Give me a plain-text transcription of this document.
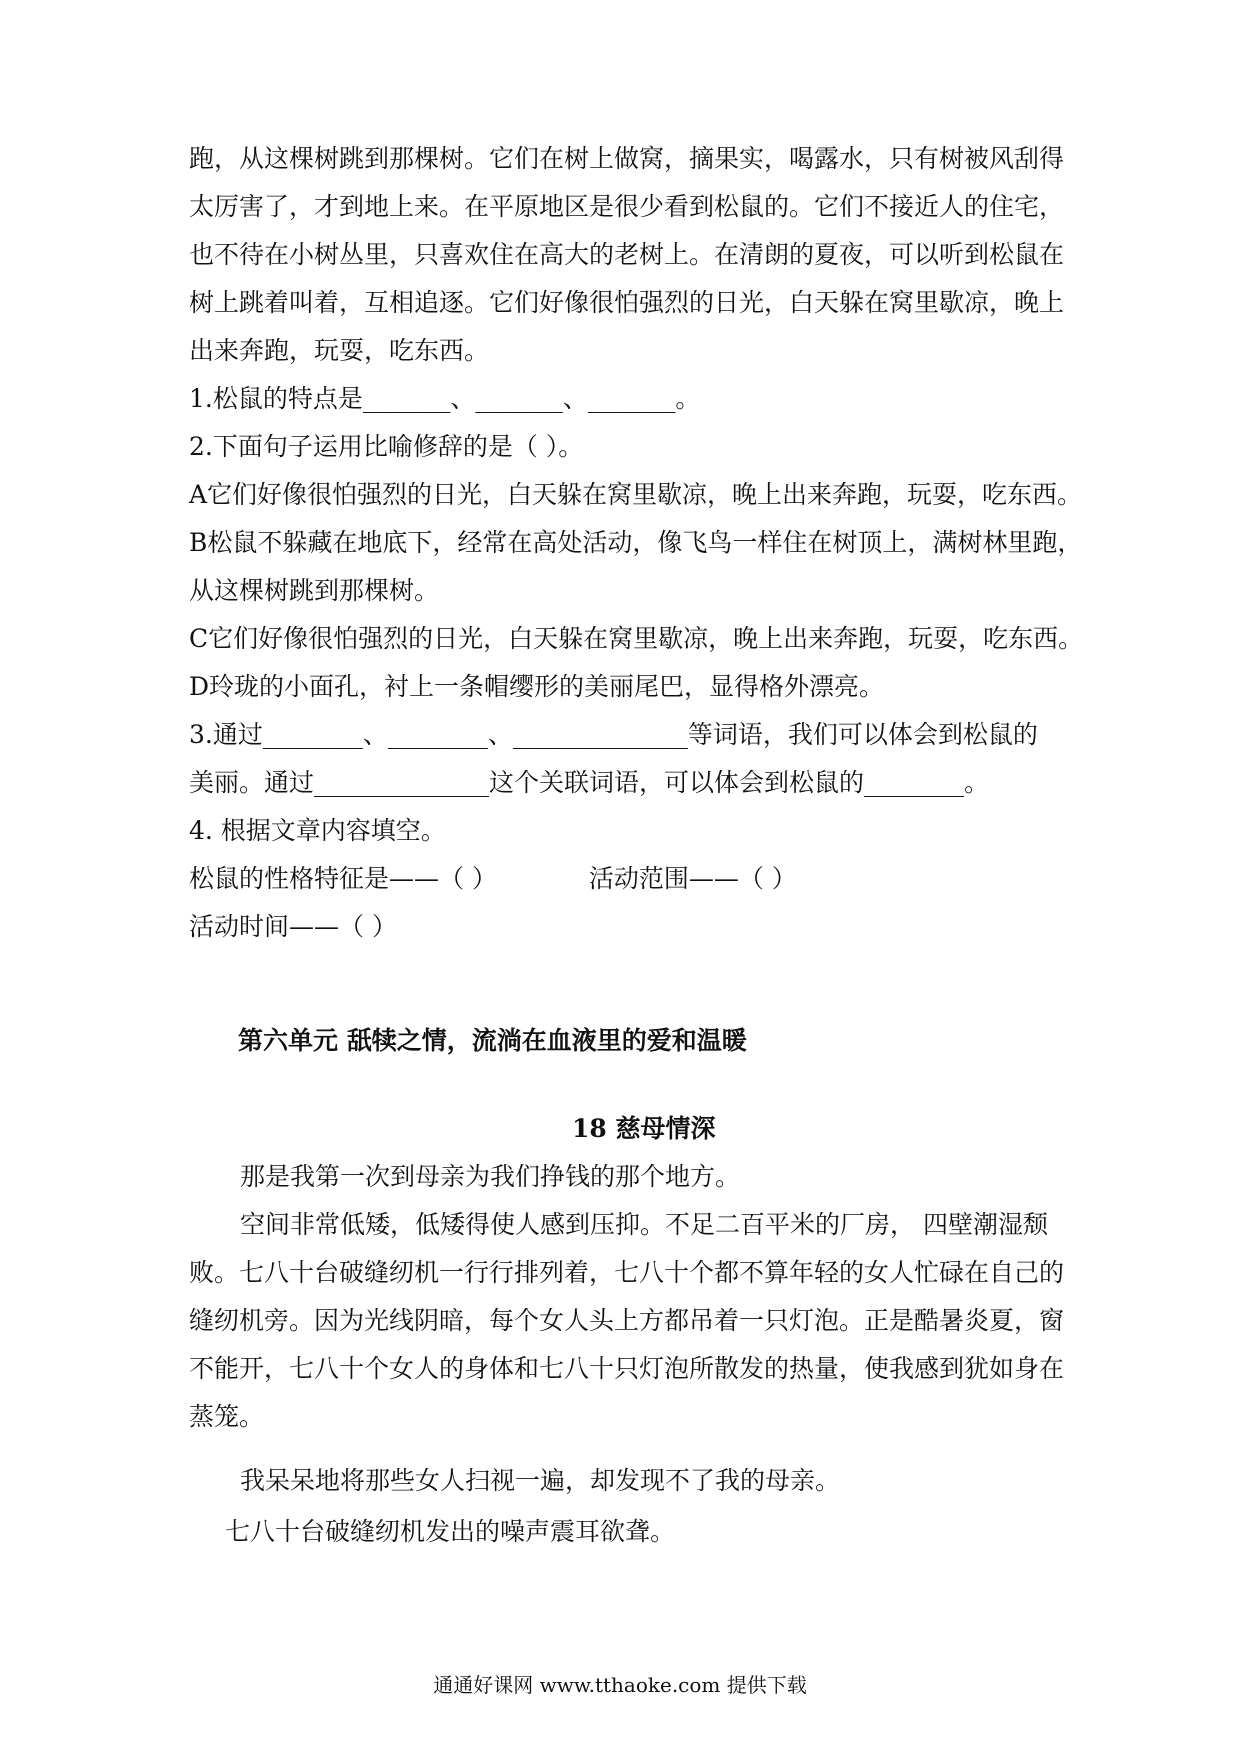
跑，从这棵树跳到那棵树。它们在树上做窝，摘果实，喝露水，只有树被风刮得
太厉害了，才到地上来。在平原地区是很少看到松鼠的。它们不接近人的住宅，
也不待在小树丛里，只喜欢住在高大的老树上。在清朗的夏夜，可以听到松鼠在
树上跳着叫着，互相追逐。它们好像很怕强烈的日光，白天躲在窝里歇凉，晚上
出来奔跑，玩耍，吃东西。
1.松鼠的特点是_______、_______、_______。
2.下面句子运用比喻修辞的是（ ）。
A它们好像很怕强烈的日光，白天躲在窝里歇凉，晚上出来奔跑，玩耍，吃东西。
B松鼠不躲藏在地底下，经常在高处活动，像飞鸟一样住在树顶上，满树林里跑，
从这棵树跳到那棵树。
C它们好像很怕强烈的日光，白天躲在窝里歇凉，晚上出来奔跑，玩耍，吃东西。
D玲珑的小面孔，衬上一条帽缨形的美丽尾巴，显得格外漂亮。
3.通过________、________、______________等词语，我们可以体会到松鼠的
美丽。通过______________这个关联词语，可以体会到松鼠的________。
4. 根据文章内容填空。
松鼠的性格特征是——（ ）	活动范围——（ ）
活动时间——（ ）
第六单元 舐犊之情，流淌在血液里的爱和温暖
18 慈母情深
那是我第一次到母亲为我们挣钱的那个地方。
空间非常低矮，低矮得使人感到压抑。不足二百平米的厂房， 四壁潮湿颓
败。七八十台破缝纫机一行行排列着，七八十个都不算年轻的女人忙碌在自己的
缝纫机旁。因为光线阴暗，每个女人头上方都吊着一只灯泡。正是酷暑炎夏，窗
不能开，七八十个女人的身体和七八十只灯泡所散发的热量，使我感到犹如身在
蒸笼。
我呆呆地将那些女人扫视一遍，却发现不了我的母亲。
七八十台破缝纫机发出的噪声震耳欲聋。
通通好课网 www.tthaoke.com 提供下载
